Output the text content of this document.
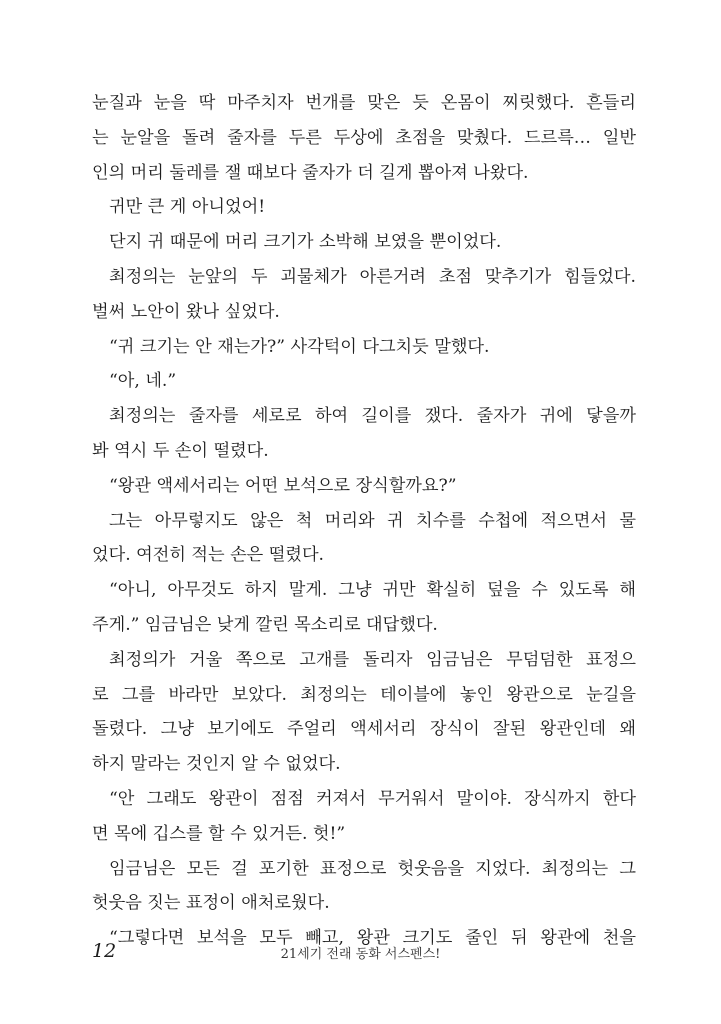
눈질과 눈을 딱 마주치자 번개를 맞은 듯 온몸이 찌릿했다. 흔들리
는 눈알을 돌려 줄자를 두른 두상에 초점을 맞췄다. 드르륵… 일반
인의 머리 둘레를 잴 때보다 줄자가 더 길게 뽑아져 나왔다.
귀만 큰 게 아니었어!
단지 귀 때문에 머리 크기가 소박해 보였을 뿐이었다.
최정의는 눈앞의 두 괴물체가 아른거려 초점 맞추기가 힘들었다.
벌써 노안이 왔나 싶었다.
“귀 크기는 안 재는가?” 사각턱이 다그치듯 말했다.
“아, 네.”
최정의는 줄자를 세로로 하여 길이를 쟀다. 줄자가 귀에 닿을까
봐 역시 두 손이 떨렸다.
“왕관 액세서리는 어떤 보석으로 장식할까요?”
그는 아무렇지도 않은 척 머리와 귀 치수를 수첩에 적으면서 물
었다. 여전히 적는 손은 떨렸다.
“아니, 아무것도 하지 말게. 그냥 귀만 확실히 덮을 수 있도록 해
주게.” 임금님은 낮게 깔린 목소리로 대답했다.
최정의가 거울 쪽으로 고개를 돌리자 임금님은 무덤덤한 표정으
로 그를 바라만 보았다. 최정의는 테이블에 놓인 왕관으로 눈길을
돌렸다. 그냥 보기에도 주얼리 액세서리 장식이 잘된 왕관인데 왜
하지 말라는 것인지 알 수 없었다.
“안 그래도 왕관이 점점 커져서 무거워서 말이야. 장식까지 한다
면 목에 깁스를 할 수 있거든. 헛!”
임금님은 모든 걸 포기한 표정으로 헛웃음을 지었다. 최정의는 그
헛웃음 짓는 표정이 애처로웠다.
“그렇다면 보석을 모두 빼고, 왕관 크기도 줄인 뒤 왕관에 천을
12	21세기 전래 동화 서스펜스!
